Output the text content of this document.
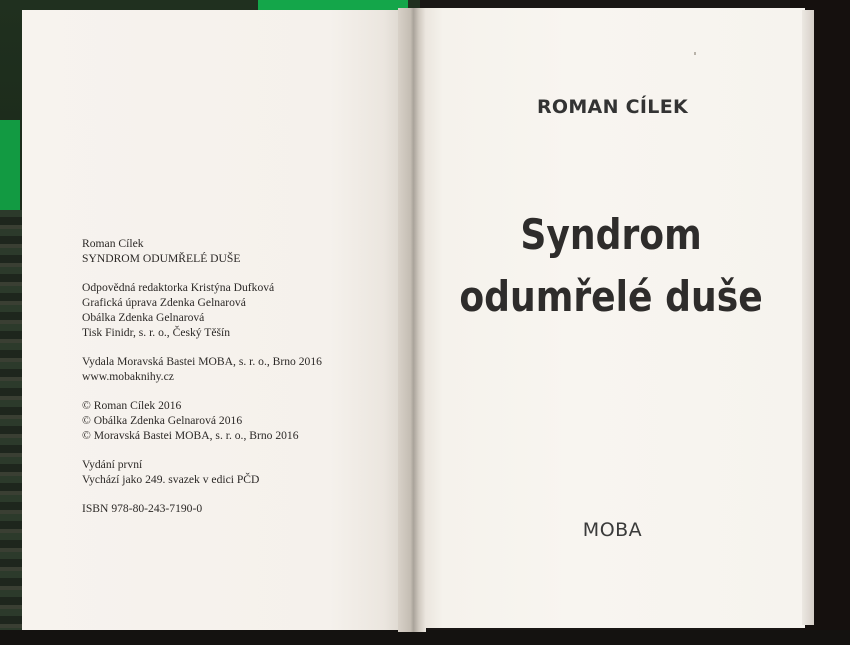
Roman Cílek
SYNDROM ODUMŘELÉ DUŠE
Odpovědná redaktorka Kristýna Dufková
Grafická úprava Zdenka Gelnarová
Obálka Zdenka Gelnarová
Tisk Finidr, s. r. o., Český Těšín
Vydala Moravská Bastei MOBA, s. r. o., Brno 2016
www.mobaknihy.cz
© Roman Cílek 2016
© Obálka Zdenka Gelnarová 2016
© Moravská Bastei MOBA, s. r. o., Brno 2016
Vydání první
Vychází jako 249. svazek v edici PČD
ISBN 978-80-243-7190-0
ROMAN CÍLEK
Syndrom
odumřelé duše
MOBA
